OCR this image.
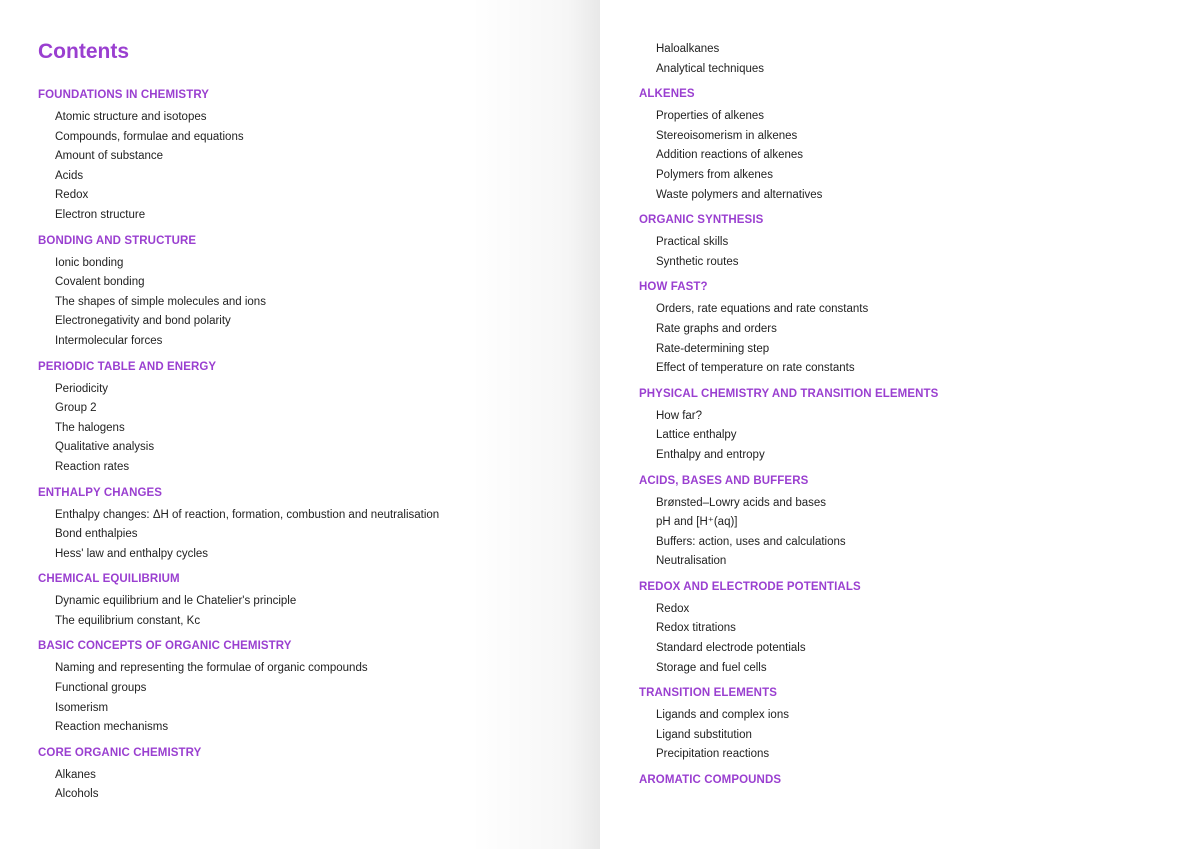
Contents
FOUNDATIONS IN CHEMISTRY
Atomic structure and isotopes
Compounds, formulae and equations
Amount of substance
Acids
Redox
Electron structure
BONDING AND STRUCTURE
Ionic bonding
Covalent bonding
The shapes of simple molecules and ions
Electronegativity and bond polarity
Intermolecular forces
PERIODIC TABLE AND ENERGY
Periodicity
Group 2
The halogens
Qualitative analysis
Reaction rates
ENTHALPY CHANGES
Enthalpy changes: ΔH of reaction, formation, combustion and neutralisation
Bond enthalpies
Hess' law and enthalpy cycles
CHEMICAL EQUILIBRIUM
Dynamic equilibrium and le Chatelier's principle
The equilibrium constant, Kc
BASIC CONCEPTS OF ORGANIC CHEMISTRY
Naming and representing the formulae of organic compounds
Functional groups
Isomerism
Reaction mechanisms
CORE ORGANIC CHEMISTRY
Alkanes
Alcohols
Haloalkanes
Analytical techniques
ALKENES
Properties of alkenes
Stereoisomerism in alkenes
Addition reactions of alkenes
Polymers from alkenes
Waste polymers and alternatives
ORGANIC SYNTHESIS
Practical skills
Synthetic routes
HOW FAST?
Orders, rate equations and rate constants
Rate graphs and orders
Rate-determining step
Effect of temperature on rate constants
PHYSICAL CHEMISTRY AND TRANSITION ELEMENTS
How far?
Lattice enthalpy
Enthalpy and entropy
ACIDS, BASES AND BUFFERS
Brønsted–Lowry acids and bases
pH and [H⁺(aq)]
Buffers: action, uses and calculations
Neutralisation
REDOX AND ELECTRODE POTENTIALS
Redox
Redox titrations
Standard electrode potentials
Storage and fuel cells
TRANSITION ELEMENTS
Ligands and complex ions
Ligand substitution
Precipitation reactions
AROMATIC COMPOUNDS
